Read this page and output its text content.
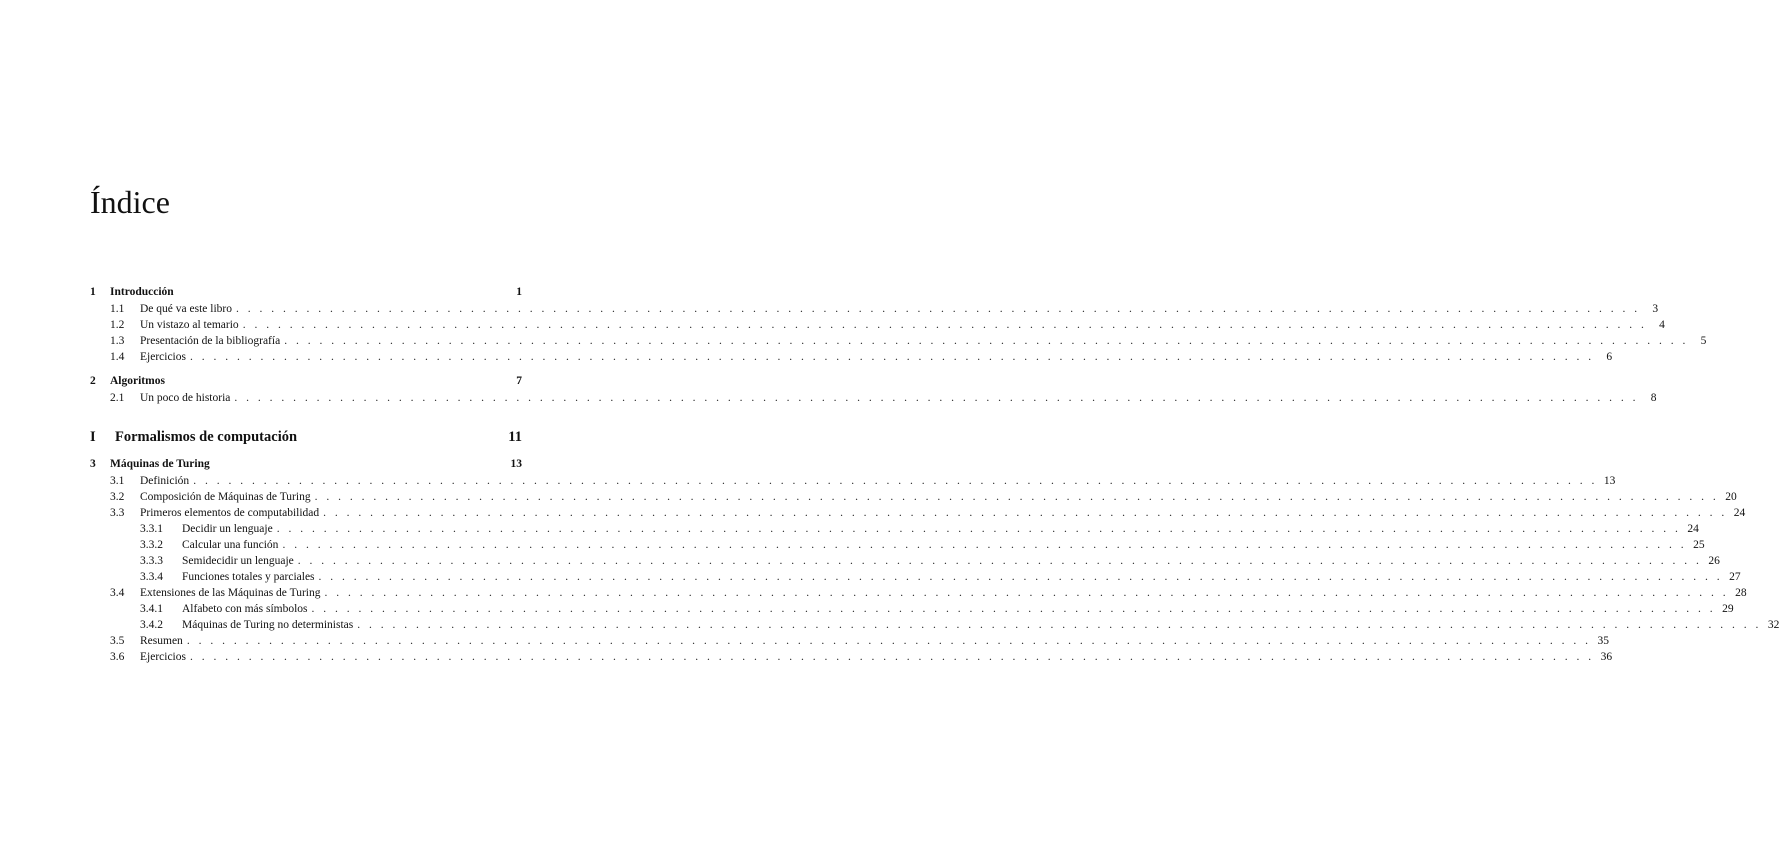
Índice
1	Introducción	1
1.1	De qué va este libro . . . . . . . . . . . . . . . . . . . . . . . . . . . . . . . . . . . . . . . . . . . . . . . . . . . . . . . . . . . . . . . . . . . . . . . . . . . . . . . . . . . . . . . . . . . . . . . . . . . . . . . . . . . . . . . . . . . . . . . .	3
1.2	Un vistazo al temario . . . . . . . . . . . . . . . . . . . . . . . . . . . . . . . . . . . . . . . . . . . . . . . . . . . . . . . . . . . . . . . . . . . . . . . . . . . . . . . . . . . . . . . . . . . . . . . . . . . . . . . . . . . . . . . . . . . . . . . .	4
1.3	Presentación de la bibliografía . . . . . . . . . . . . . . . . . . . . . . . . . . . . . . . . . . . . . . . . . . . . . . . . . . . . . . . . . . . . . . . . . . . . . . . . . . . . . . . . . . . . . . . . . . . . . . . . . . . . . . . . . . . . . . . . . . . . . . . .	5
1.4	Ejercicios . . . . . . . . . . . . . . . . . . . . . . . . . . . . . . . . . . . . . . . . . . . . . . . . . . . . . . . . . . . . . . . . . . . . . . . . . . . . . . . . . . . . . . . . . . . . . . . . . . . . . . . . . . . . . . . . . . . . . . . .	6
2	Algoritmos	7
2.1	Un poco de historia . . . . . . . . . . . . . . . . . . . . . . . . . . . . . . . . . . . . . . . . . . . . . . . . . . . . . . . . . . . . . . . . . . . . . . . . . . . . . . . . . . . . . . . . . . . . . . . . . . . . . . . . . . . . . . . . . . . . . . . .	8
I	Formalismos de computación	11
3	Máquinas de Turing	13
3.1	Definición . . . . . . . . . . . . . . . . . . . . . . . . . . . . . . . . . . . . . . . . . . . . . . . . . . . . . . . . . . . . . . . . . . . . . . . . . . . . . . . . . . . . . . . . . . . . . . . . . . . . . . . . . . . . . . . . . . . . . . . . 13
3.2	Composición de Máquinas de Turing . . . . . . . . . . . . . . . . . . . . . . . . . . . . . . . . . . . . . . . . . . . . . . . . . . . . . . . . . . . . . . . . . . . . . . . . . . . . . . . . . . . . . . . . . . . . . . . . . . . . . . . . . . . . . . . . . . . . . . . . 20
3.3	Primeros elementos de computabilidad . . . . . . . . . . . . . . . . . . . . . . . . . . . . . . . . . . . . . . . . . . . . . . . . . . . . . . . . . . . . . . . . . . . . . . . . . . . . . . . . . . . . . . . . . . . . . . . . . . . . . . . . . . . . . . . . . . . . . . . . 24
3.3.1	Decidir un lenguaje . . . . . . . . . . . . . . . . . . . . . . . . . . . . . . . . . . . . . . . . . . . . . . . . . . . . . . . . . . . . . . . . . . . . . . . . . . . . . . . . . . . . . . . . . . . . . . . . . . . . . . . . . . . . . . . . . . . . . . . . 24
3.3.2	Calcular una función . . . . . . . . . . . . . . . . . . . . . . . . . . . . . . . . . . . . . . . . . . . . . . . . . . . . . . . . . . . . . . . . . . . . . . . . . . . . . . . . . . . . . . . . . . . . . . . . . . . . . . . . . . . . . . . . . . . . . . . . 25
3.3.3	Semidecidir un lenguaje . . . . . . . . . . . . . . . . . . . . . . . . . . . . . . . . . . . . . . . . . . . . . . . . . . . . . . . . . . . . . . . . . . . . . . . . . . . . . . . . . . . . . . . . . . . . . . . . . . . . . . . . . . . . . . . . . . . . . . . . 26
3.3.4	Funciones totales y parciales . . . . . . . . . . . . . . . . . . . . . . . . . . . . . . . . . . . . . . . . . . . . . . . . . . . . . . . . . . . . . . . . . . . . . . . . . . . . . . . . . . . . . . . . . . . . . . . . . . . . . . . . . . . . . . . . . . . . . . . . 27
3.4	Extensiones de las Máquinas de Turing . . . . . . . . . . . . . . . . . . . . . . . . . . . . . . . . . . . . . . . . . . . . . . . . . . . . . . . . . . . . . . . . . . . . . . . . . . . . . . . . . . . . . . . . . . . . . . . . . . . . . . . . . . . . . . . . . . . . . . . . 28
3.4.1	Alfabeto con más símbolos . . . . . . . . . . . . . . . . . . . . . . . . . . . . . . . . . . . . . . . . . . . . . . . . . . . . . . . . . . . . . . . . . . . . . . . . . . . . . . . . . . . . . . . . . . . . . . . . . . . . . . . . . . . . . . . . . . . . . . . . 29
3.4.2	Máquinas de Turing no deterministas . . . . . . . . . . . . . . . . . . . . . . . . . . . . . . . . . . . . . . . . . . . . . . . . . . . . . . . . . . . . . . . . . . . . . . . . . . . . . . . . . . . . . . . . . . . . . . . . . . . . . . . . . . . . . . . . . . . . . . . . 32
3.5	Resumen . . . . . . . . . . . . . . . . . . . . . . . . . . . . . . . . . . . . . . . . . . . . . . . . . . . . . . . . . . . . . . . . . . . . . . . . . . . . . . . . . . . . . . . . . . . . . . . . . . . . . . . . . . . . . . . . . . . . . . . . 35
3.6	Ejercicios . . . . . . . . . . . . . . . . . . . . . . . . . . . . . . . . . . . . . . . . . . . . . . . . . . . . . . . . . . . . . . . . . . . . . . . . . . . . . . . . . . . . . . . . . . . . . . . . . . . . . . . . . . . . . . . . . . . . . . . . 36
